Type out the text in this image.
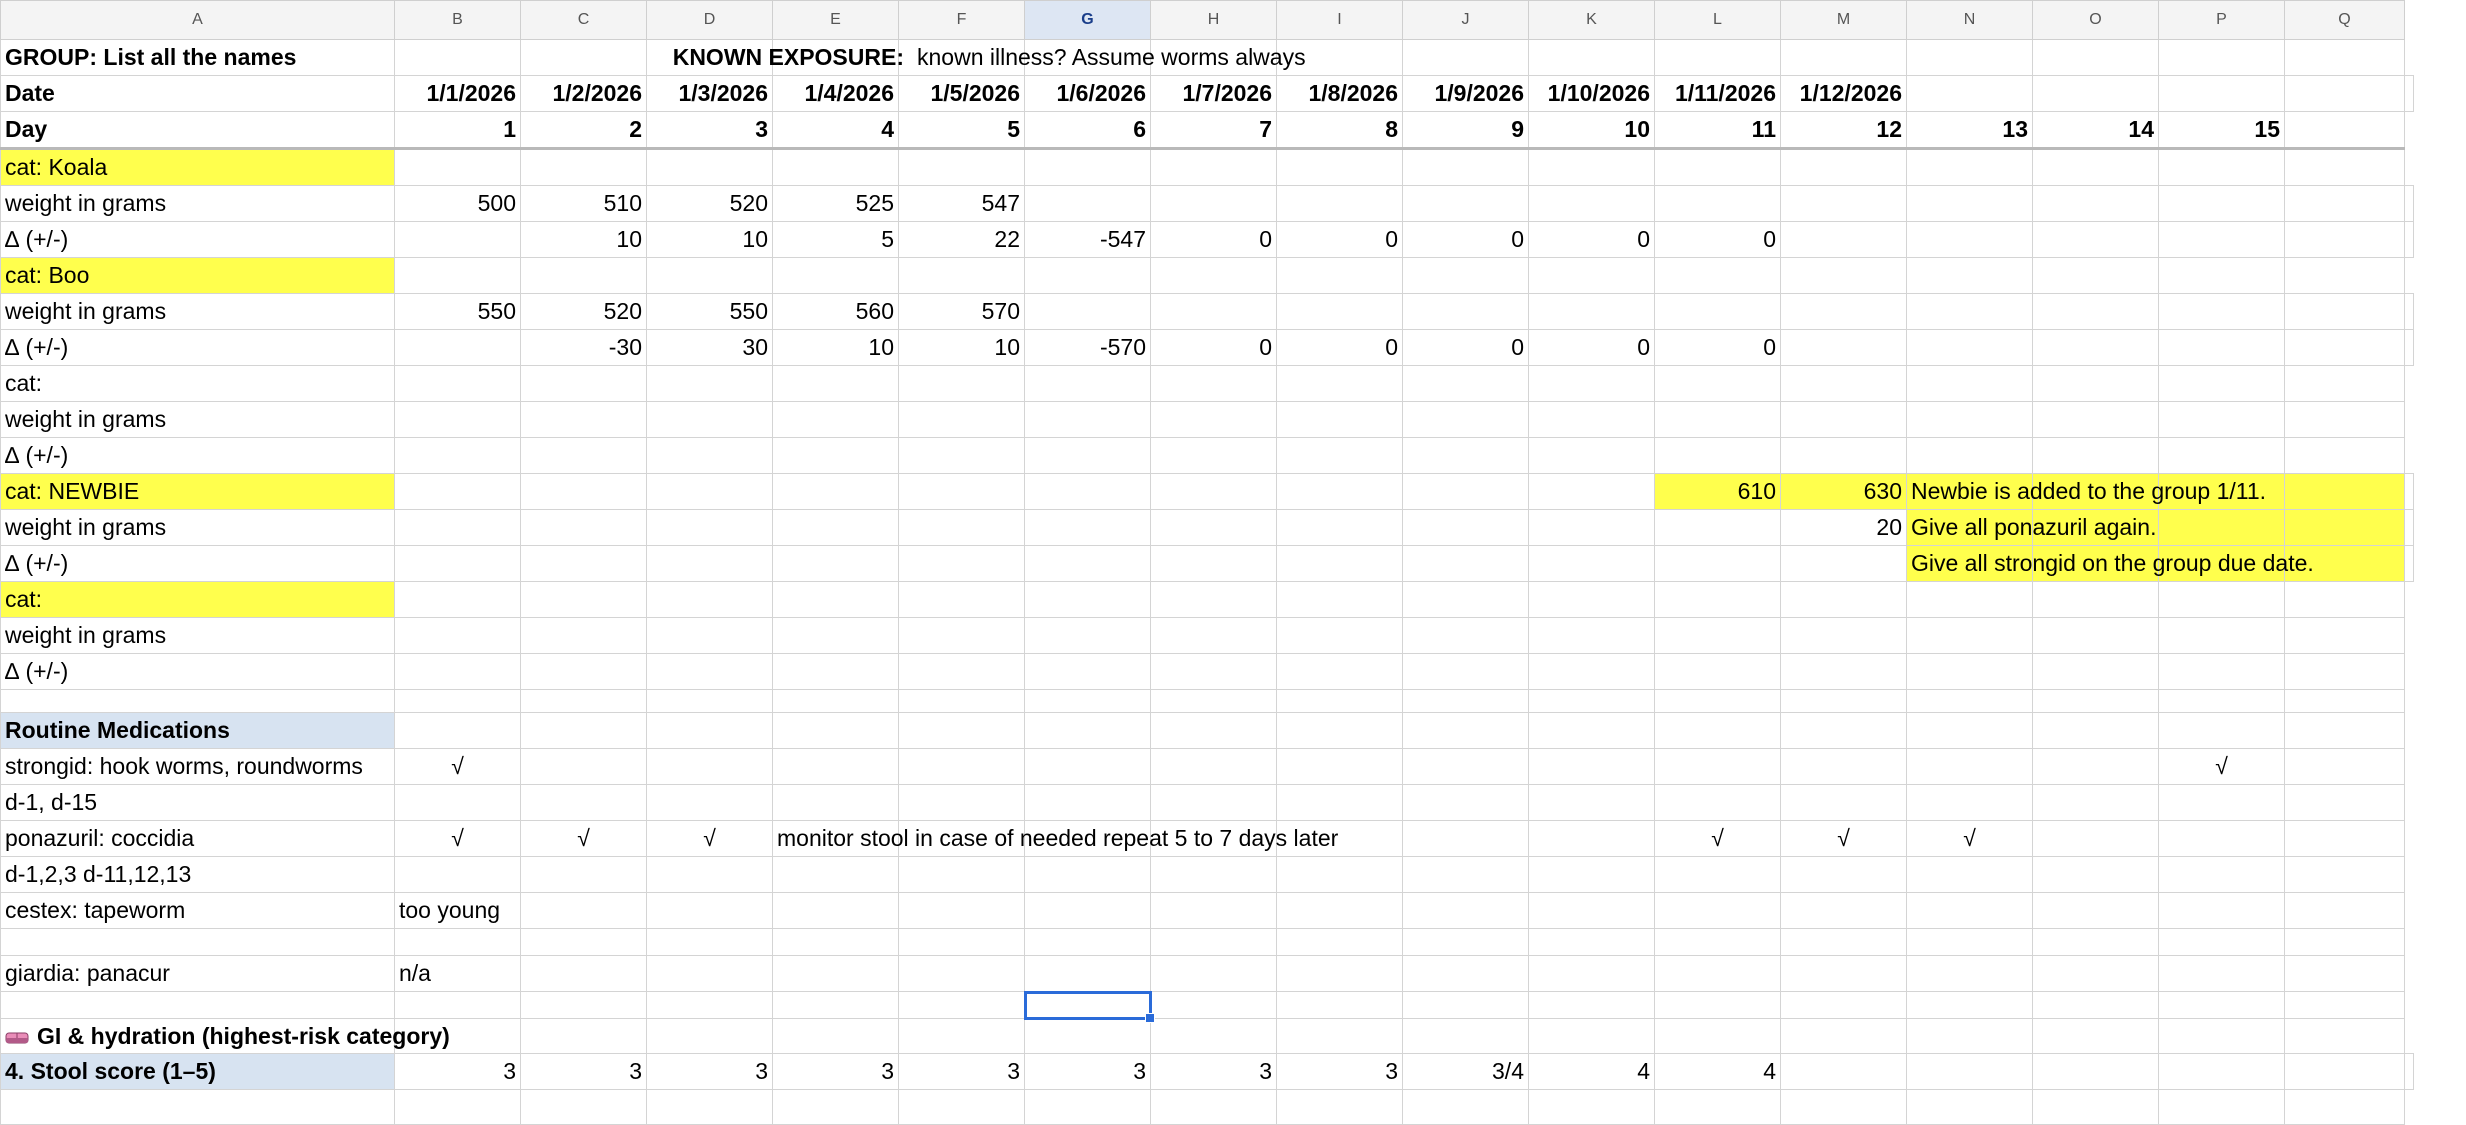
A	B	C	D	E	F	G	H	I	J	K	L	M	N	O	P	Q	
GROUP: List all the names				KNOWN EXPOSURE:	known illness? Assume worms always												

Date	1/1/2026	1/2/2026	1/3/2026	1/4/2026	1/5/2026	1/6/2026	1/7/2026	1/8/2026	1/9/2026	1/10/2026	1/11/2026	1/12/2026					
Day	1	2	3	4	5	6	7	8	9	10	11	12	13	14	15		
cat: Koala																	
weight in grams	500	510	520	525	547												
∆ (+/-)		10	10	5	22	-547	0	0	0	0	0						
cat: Boo																	
weight in grams	550	520	550	560	570												
∆ (+/-)		-30	30	10	10	-570	0	0	0	0	0						
cat:																	
weight in grams																	
∆ (+/-)																	
cat: NEWBIE											610	630	Newbie is added to the group 1/11.				

weight in grams												20	Give all ponazuril again.				

∆ (+/-)													Give all strongid on the group due date.				

cat:																	
weight in grams																	
∆ (+/-)																	

Routine Medications																	
strongid: hook worms, roundworms	√														√		
d-1, d-15																	
ponazuril: coccidia	√	√	√	monitor stool in case of needed repeat 5 to 7 days later							√	√	√				
d-1,2,3 d-11,12,13																	
cestex: tapeworm	too young																

giardia: panacur	n/a																

GI & hydration (highest-risk category)																	

4. Stool score (1–5)	3	3	3	3	3	3	3	3	3/4	4	4						
